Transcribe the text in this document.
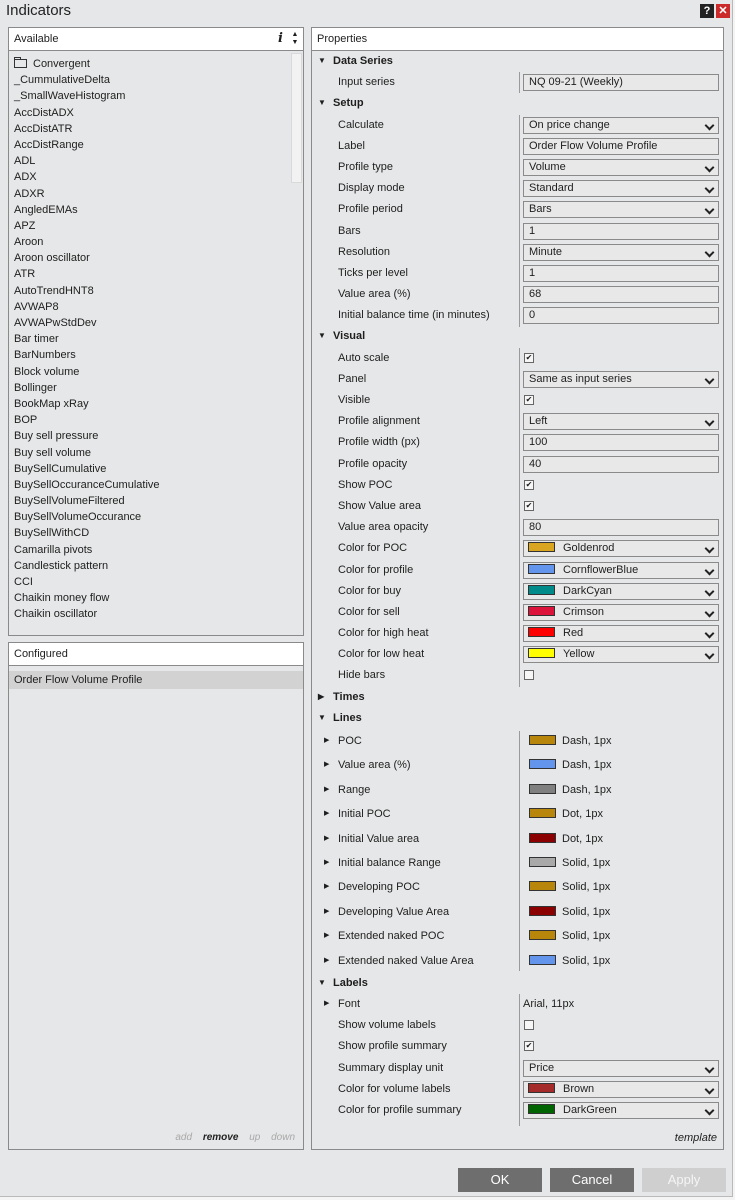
Indicators	? ✕
Available	i ▲
▼
Convergent
_CummulativeDelta
_SmallWaveHistogram
AccDistADX
AccDistATR
AccDistRange
ADL
ADX
ADXR
AngledEMAs
APZ
Aroon
Aroon oscillator
ATR
AutoTrendHNT8
AVWAP8
AVWAPwStdDev
Bar timer
BarNumbers
Block volume
Bollinger
BookMap xRay
BOP
Buy sell pressure
Buy sell volume
BuySellCumulative
BuySellOccuranceCumulative
BuySellVolumeFiltered
BuySellVolumeOccurance
BuySellWithCD
Camarilla pivots
Candlestick pattern
CCI
Chaikin money flow
Chaikin oscillator
Configured
Order Flow Volume Profile
add remove up down
Properties
▼ Data Series
Input series	NQ 09-21 (Weekly)
▼ Setup
Calculate	On price change
Label	Order Flow Volume Profile
Profile type	Volume
Display mode	Standard
Profile period	Bars
Bars	1
Resolution	Minute
Ticks per level	1
Value area (%)	68
Initial balance time (in minutes)	0
▼ Visual
Auto scale	✔
Panel	Same as input series
Visible	✔
Profile alignment	Left
Profile width (px)	100
Profile opacity	40
Show POC	✔
Show Value area	✔
Value area opacity	80
Color for POC	Goldenrod
Color for profile	CornflowerBlue
Color for buy	DarkCyan
Color for sell	Crimson
Color for high heat	Red
Color for low heat	Yellow
Hide bars
▶ Times
▼ Lines
▶ POC	Dash, 1px
▶ Value area (%)	Dash, 1px
▶ Range	Dash, 1px
▶ Initial POC	Dot, 1px
▶ Initial Value area	Dot, 1px
▶ Initial balance Range	Solid, 1px
▶ Developing POC	Solid, 1px
▶ Developing Value Area	Solid, 1px
▶ Extended naked POC	Solid, 1px
▶ Extended naked Value Area	Solid, 1px
▼ Labels
▶ Font	Arial, 11px
Show volume labels
Show profile summary	✔
Summary display unit	Price
Color for volume labels	Brown
Color for profile summary	DarkGreen
template
OK	Cancel	Apply
